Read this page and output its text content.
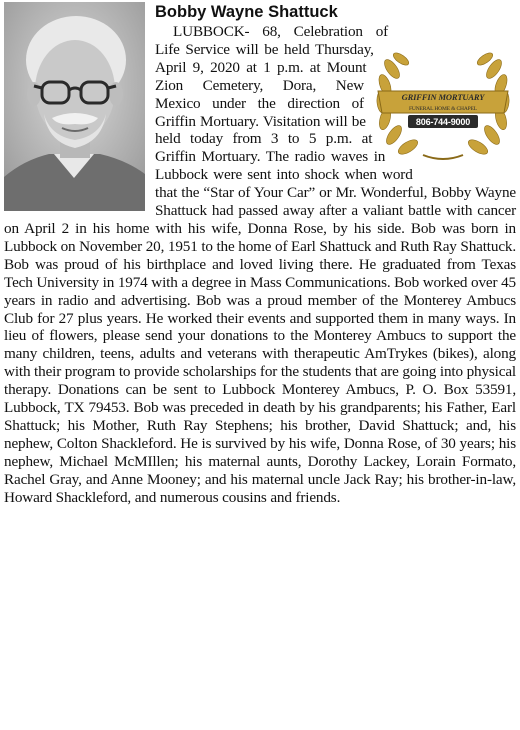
Bobby Wayne Shattuck
GRIFFIN MORTUARY
FUNERAL HOME & CHAPEL
806-744-9000
LUBBOCK- 68, Celebration of Life Service will be held Thursday, April 9, 2020 at 1 p.m. at Mount Zion Cemetery, Dora, New Mexico under the direction of Griffin Mortuary. Visitation will be held today from 3 to 5 p.m. at Griffin Mortuary. The radio waves in Lubbock were sent into shock when word that the “Star of Your Car” or Mr. Wonderful, Bobby Wayne Shattuck had passed away after a valiant battle with cancer on April 2 in his home with his wife, Donna Rose, by his side. Bob was born in Lubbock on November 20, 1951 to the home of Earl Shattuck and Ruth Ray Shattuck. Bob was proud of his birthplace and loved living there. He graduated from Texas Tech University in 1974 with a degree in Mass Communications. Bob worked over 45 years in radio and advertising. Bob was a proud member of the Monterey Ambucs Club for 27 plus years. He worked their events and supported them in many ways. In lieu of flowers, please send your donations to the Monterey Ambucs to support the many children, teens, adults and veterans with therapeutic AmTrykes (bikes), along with their program to provide scholarships for the students that are going into physical therapy. Donations can be sent to Lubbock Monterey Ambucs, P. O. Box 53591, Lubbock, TX 79453. Bob was preceded in death by his grandparents; his Father, Earl Shattuck; his Mother, Ruth Ray Stephens; his brother, David Shattuck; and, his nephew, Colton Shackleford. He is survived by his wife, Donna Rose, of 30 years; his nephew, Michael McMIllen; his maternal aunts, Dorothy Lackey, Lorain Formato, Rachel Gray, and Anne Mooney; and his maternal uncle Jack Ray; his brother-in-law, Howard Shackleford, and numerous cousins and friends.
